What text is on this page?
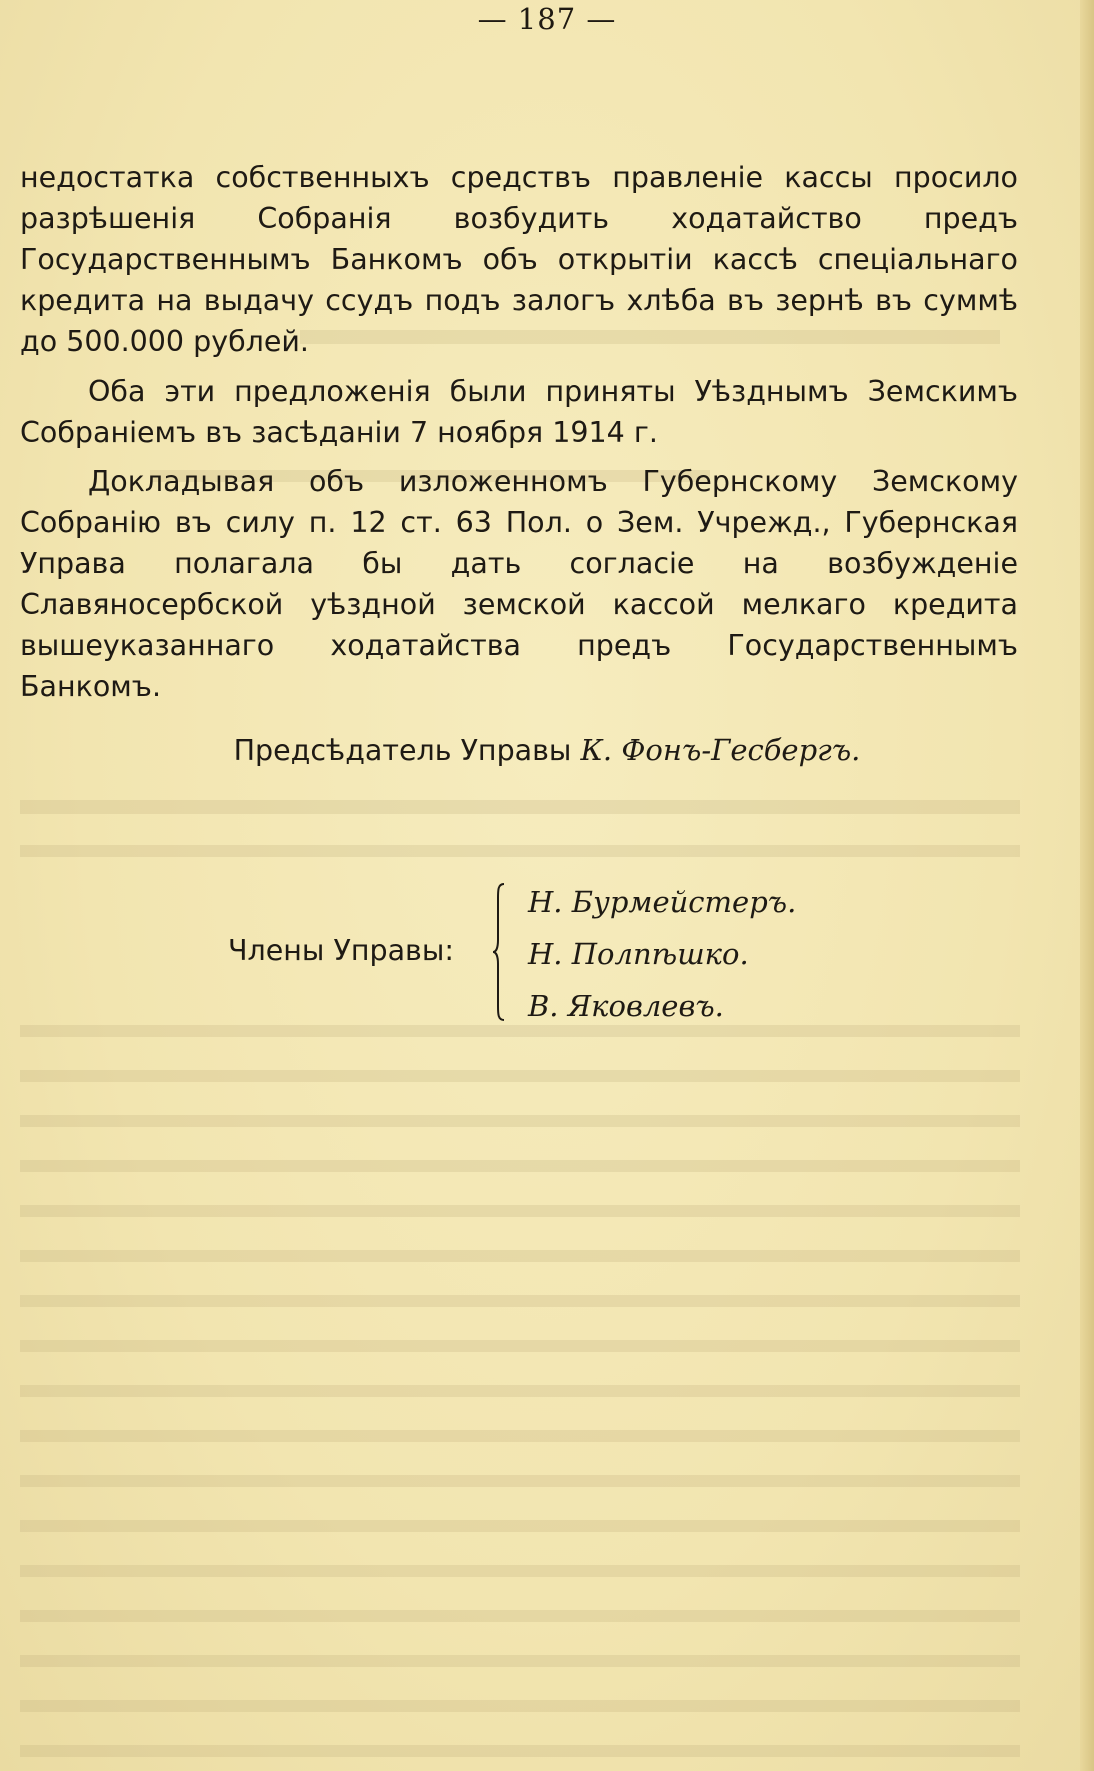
— 187 —

недостатка собственныхъ средствъ правленіе кассы просило разрѣшенія Собранія возбудить ходатайство предъ Государственнымъ Банкомъ объ открытіи кассѣ спеціальнаго кредита на выдачу ссудъ подъ залогъ хлѣба въ зернѣ въ суммѣ до 500.000 рублей.

Оба эти предложенія были приняты Уѣзднымъ Земскимъ Собраніемъ въ засѣданіи 7 ноября 1914 г.

Докладывая объ изложенномъ Губернскому Земскому Собранію въ силу п. 12 ст. 63 Пол. о Зем. Учрежд., Губернская Управа полагала бы дать согласіе на возбужденіе Славяносербской уѣздной земской кассой мелкаго кредита вышеуказаннаго ходатайства предъ Государственнымъ Банкомъ.

Предсѣдатель Управы К. Фонъ-Гесбергъ.
Члены Управы:
Н. Бурмейстеръ.
Н. Полпѣшко.
В. Яковлевъ.
